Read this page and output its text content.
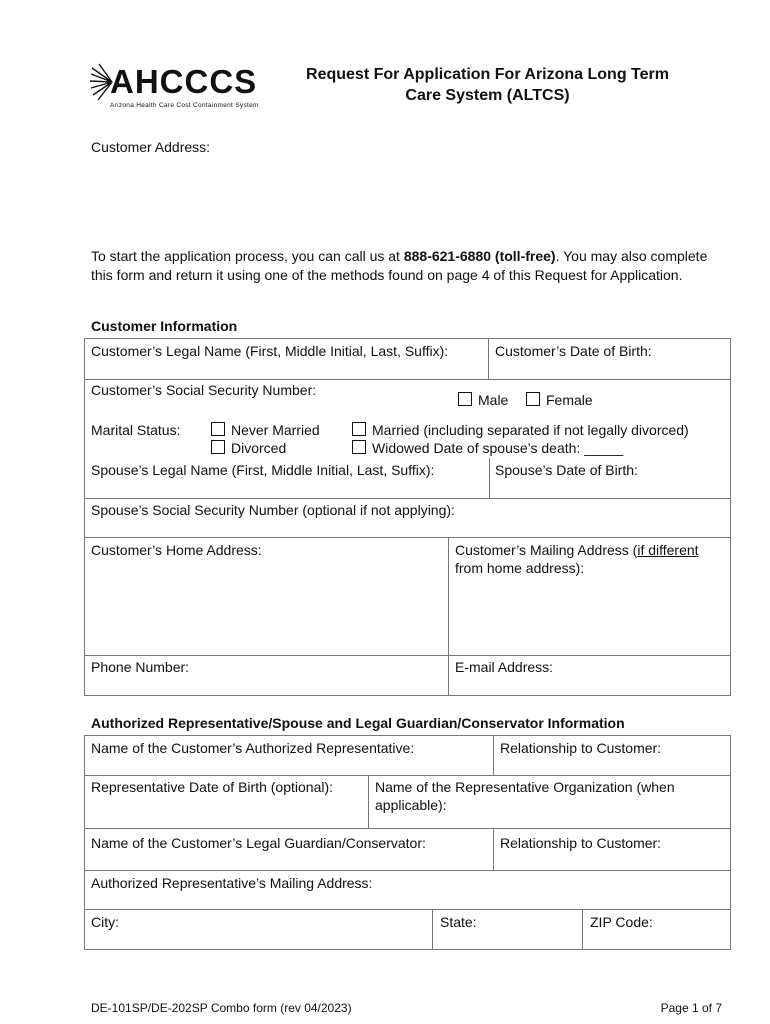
AHCCCS
Arizona Health Care Cost Containment System
Request For Application For Arizona Long Term
Care System (ALTCS)
Customer Address:
To start the application process, you can call us at 888-621-6880 (toll-free). You may also complete this form and return it using one of the methods found on page 4 of this Request for Application.
Customer Information
Customer’s Legal Name (First, Middle Initial, Last, Suffix):	Customer’s Date of Birth:
Customer’s Social Security Number:
Male	Female
Marital Status:	Never Married
Divorced
Married (including separated if not legally divorced)
Widowed Date of spouse’s death: _____
Spouse’s Legal Name (First, Middle Initial, Last, Suffix):	Spouse’s Date of Birth:
Spouse’s Social Security Number (optional if not applying):
Customer’s Home Address:	Customer’s Mailing Address (if different
from home address):
Phone Number:	E-mail Address:
Authorized Representative/Spouse and Legal Guardian/Conservator Information
Name of the Customer’s Authorized Representative:	Relationship to Customer:
Representative Date of Birth (optional):	Name of the Representative Organization (when applicable):
Name of the Customer’s Legal Guardian/Conservator:	Relationship to Customer:
Authorized Representative’s Mailing Address:
City:	State:	ZIP Code:
DE-101SP/DE-202SP Combo form (rev 04/2023)	Page 1 of 7
